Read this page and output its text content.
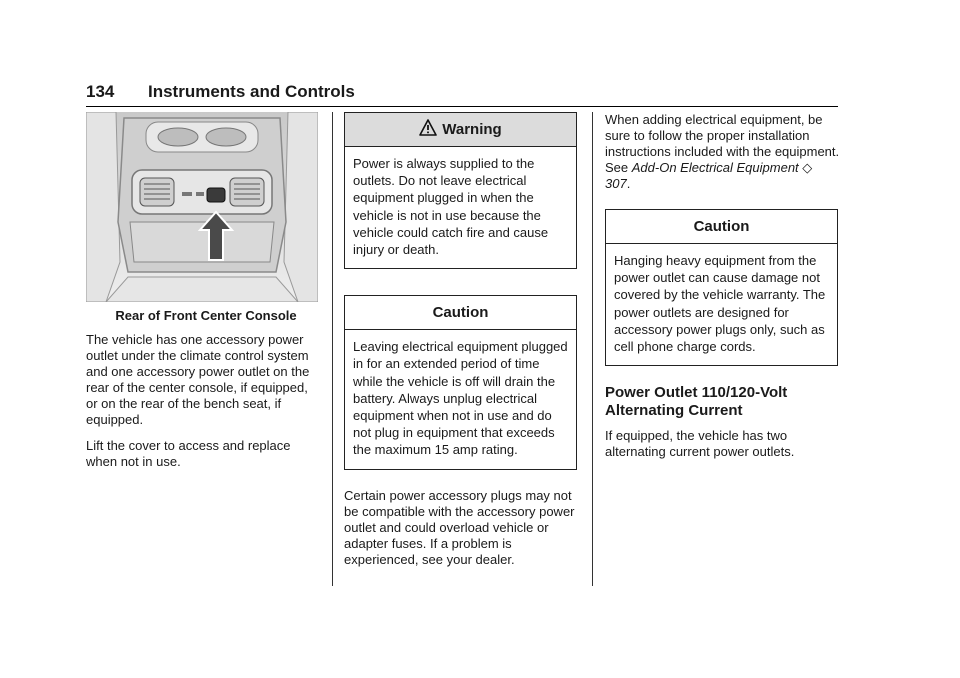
134 Instruments and Controls
Rear of Front Center Console

The vehicle has one accessory power outlet under the climate control system and one accessory power outlet on the rear of the center console, if equipped, or on the rear of the bench seat, if equipped.

Lift the cover to access and replace when not in use.

Warning
Power is always supplied to the outlets. Do not leave electrical equipment plugged in when the vehicle is not in use because the vehicle could catch fire and cause injury or death.
Caution
Leaving electrical equipment plugged in for an extended period of time while the vehicle is off will drain the battery. Always unplug electrical equipment when not in use and do not plug in equipment that exceeds the maximum 15 amp rating.

Certain power accessory plugs may not be compatible with the accessory power outlet and could overload vehicle or adapter fuses. If a problem is experienced, see your dealer.

When adding electrical equipment, be sure to follow the proper installation instructions included with the equipment. See Add-On Electrical Equipment ◇ 307.

Caution
Hanging heavy equipment from the power outlet can cause damage not covered by the vehicle warranty. The power outlets are designed for accessory power plugs only, such as cell phone charge cords.
Power Outlet 110/120-Volt Alternating Current

If equipped, the vehicle has two alternating current power outlets.
